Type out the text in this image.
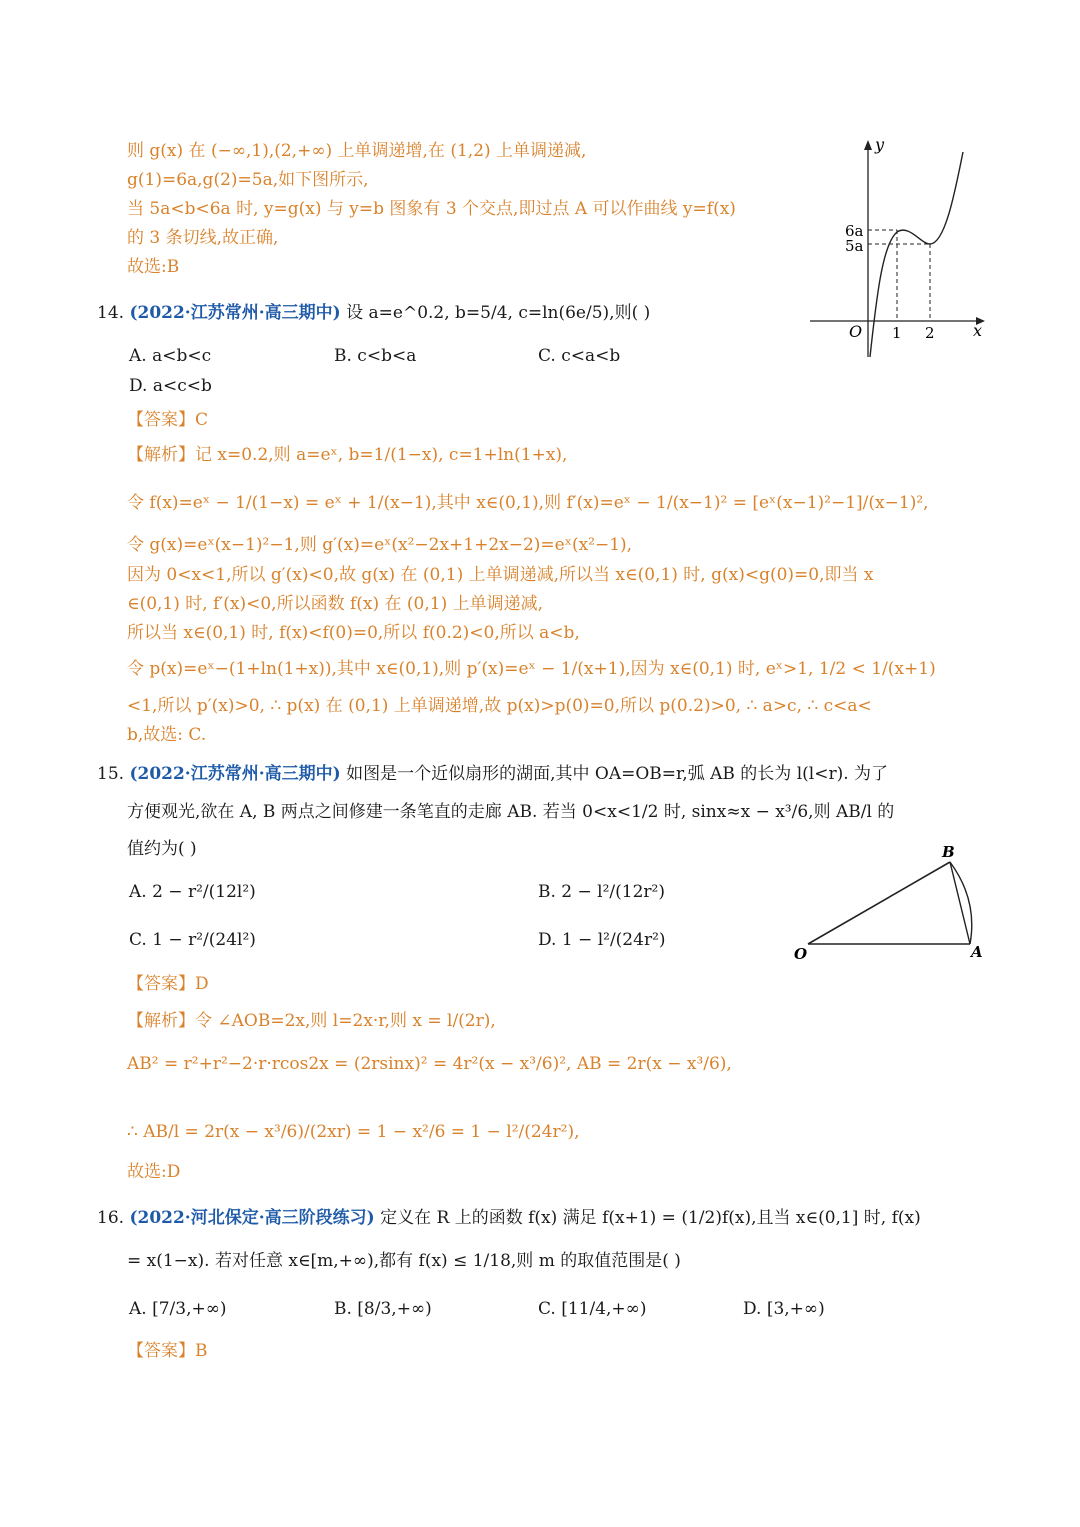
则 g(x) 在 (−∞,1),(2,+∞) 上单调递增,在 (1,2) 上单调递减,
g(1)=6a,g(2)=5a,如下图所示,
当 5a<b<6a 时, y=g(x) 与 y=b 图象有 3 个交点,即过点 A 可以作曲线 y=f(x)
的 3 条切线,故正确,
故选:B
y
x
O 1 2
6a
5a
14. (2022·江苏常州·高三期中) 设 a=e^0.2, b=5/4, c=ln(6e/5),则( )
A. a<b<c	B. c<b<a	C. c<a<b
D. a<c<b
【答案】C
【解析】记 x=0.2,则 a=eˣ, b=1/(1−x), c=1+ln(1+x),
令 f(x)=eˣ − 1/(1−x) = eˣ + 1/(x−1),其中 x∈(0,1),则 f′(x)=eˣ − 1/(x−1)² = [eˣ(x−1)²−1]/(x−1)²,
令 g(x)=eˣ(x−1)²−1,则 g′(x)=eˣ(x²−2x+1+2x−2)=eˣ(x²−1),
因为 0<x<1,所以 g′(x)<0,故 g(x) 在 (0,1) 上单调递减,所以当 x∈(0,1) 时, g(x)<g(0)=0,即当 x
∈(0,1) 时, f′(x)<0,所以函数 f(x) 在 (0,1) 上单调递减,
所以当 x∈(0,1) 时, f(x)<f(0)=0,所以 f(0.2)<0,所以 a<b,
令 p(x)=eˣ−(1+ln(1+x)),其中 x∈(0,1),则 p′(x)=eˣ − 1/(x+1),因为 x∈(0,1) 时, eˣ>1, 1/2 < 1/(x+1)
<1,所以 p′(x)>0, ∴ p(x) 在 (0,1) 上单调递增,故 p(x)>p(0)=0,所以 p(0.2)>0, ∴ a>c, ∴ c<a<
b,故选: C.
15. (2022·江苏常州·高三期中) 如图是一个近似扇形的湖面,其中 OA=OB=r,弧 AB 的长为 l(l<r). 为了
方便观光,欲在 A, B 两点之间修建一条笔直的走廊 AB. 若当 0<x<1/2 时, sinx≈x − x³/6,则 AB/l 的
值约为( )
A. 2 − r²/(12l²)	B. 2 − l²/(12r²)
C. 1 − r²/(24l²)	D. 1 − l²/(24r²)
O	A
B
【答案】D
【解析】令 ∠AOB=2x,则 l=2x·r,则 x = l/(2r),
AB² = r²+r²−2·r·rcos2x = (2rsinx)² = 4r²(x − x³/6)², AB = 2r(x − x³/6),
∴ AB/l = 2r(x − x³/6)/(2xr) = 1 − x²/6 = 1 − l²/(24r²),
故选:D
16. (2022·河北保定·高三阶段练习) 定义在 R 上的函数 f(x) 满足 f(x+1) = (1/2)f(x),且当 x∈(0,1] 时, f(x)
= x(1−x). 若对任意 x∈[m,+∞),都有 f(x) ≤ 1/18,则 m 的取值范围是( )
A. [7/3,+∞)	B. [8/3,+∞)	C. [11/4,+∞)	D. [3,+∞)
【答案】B
